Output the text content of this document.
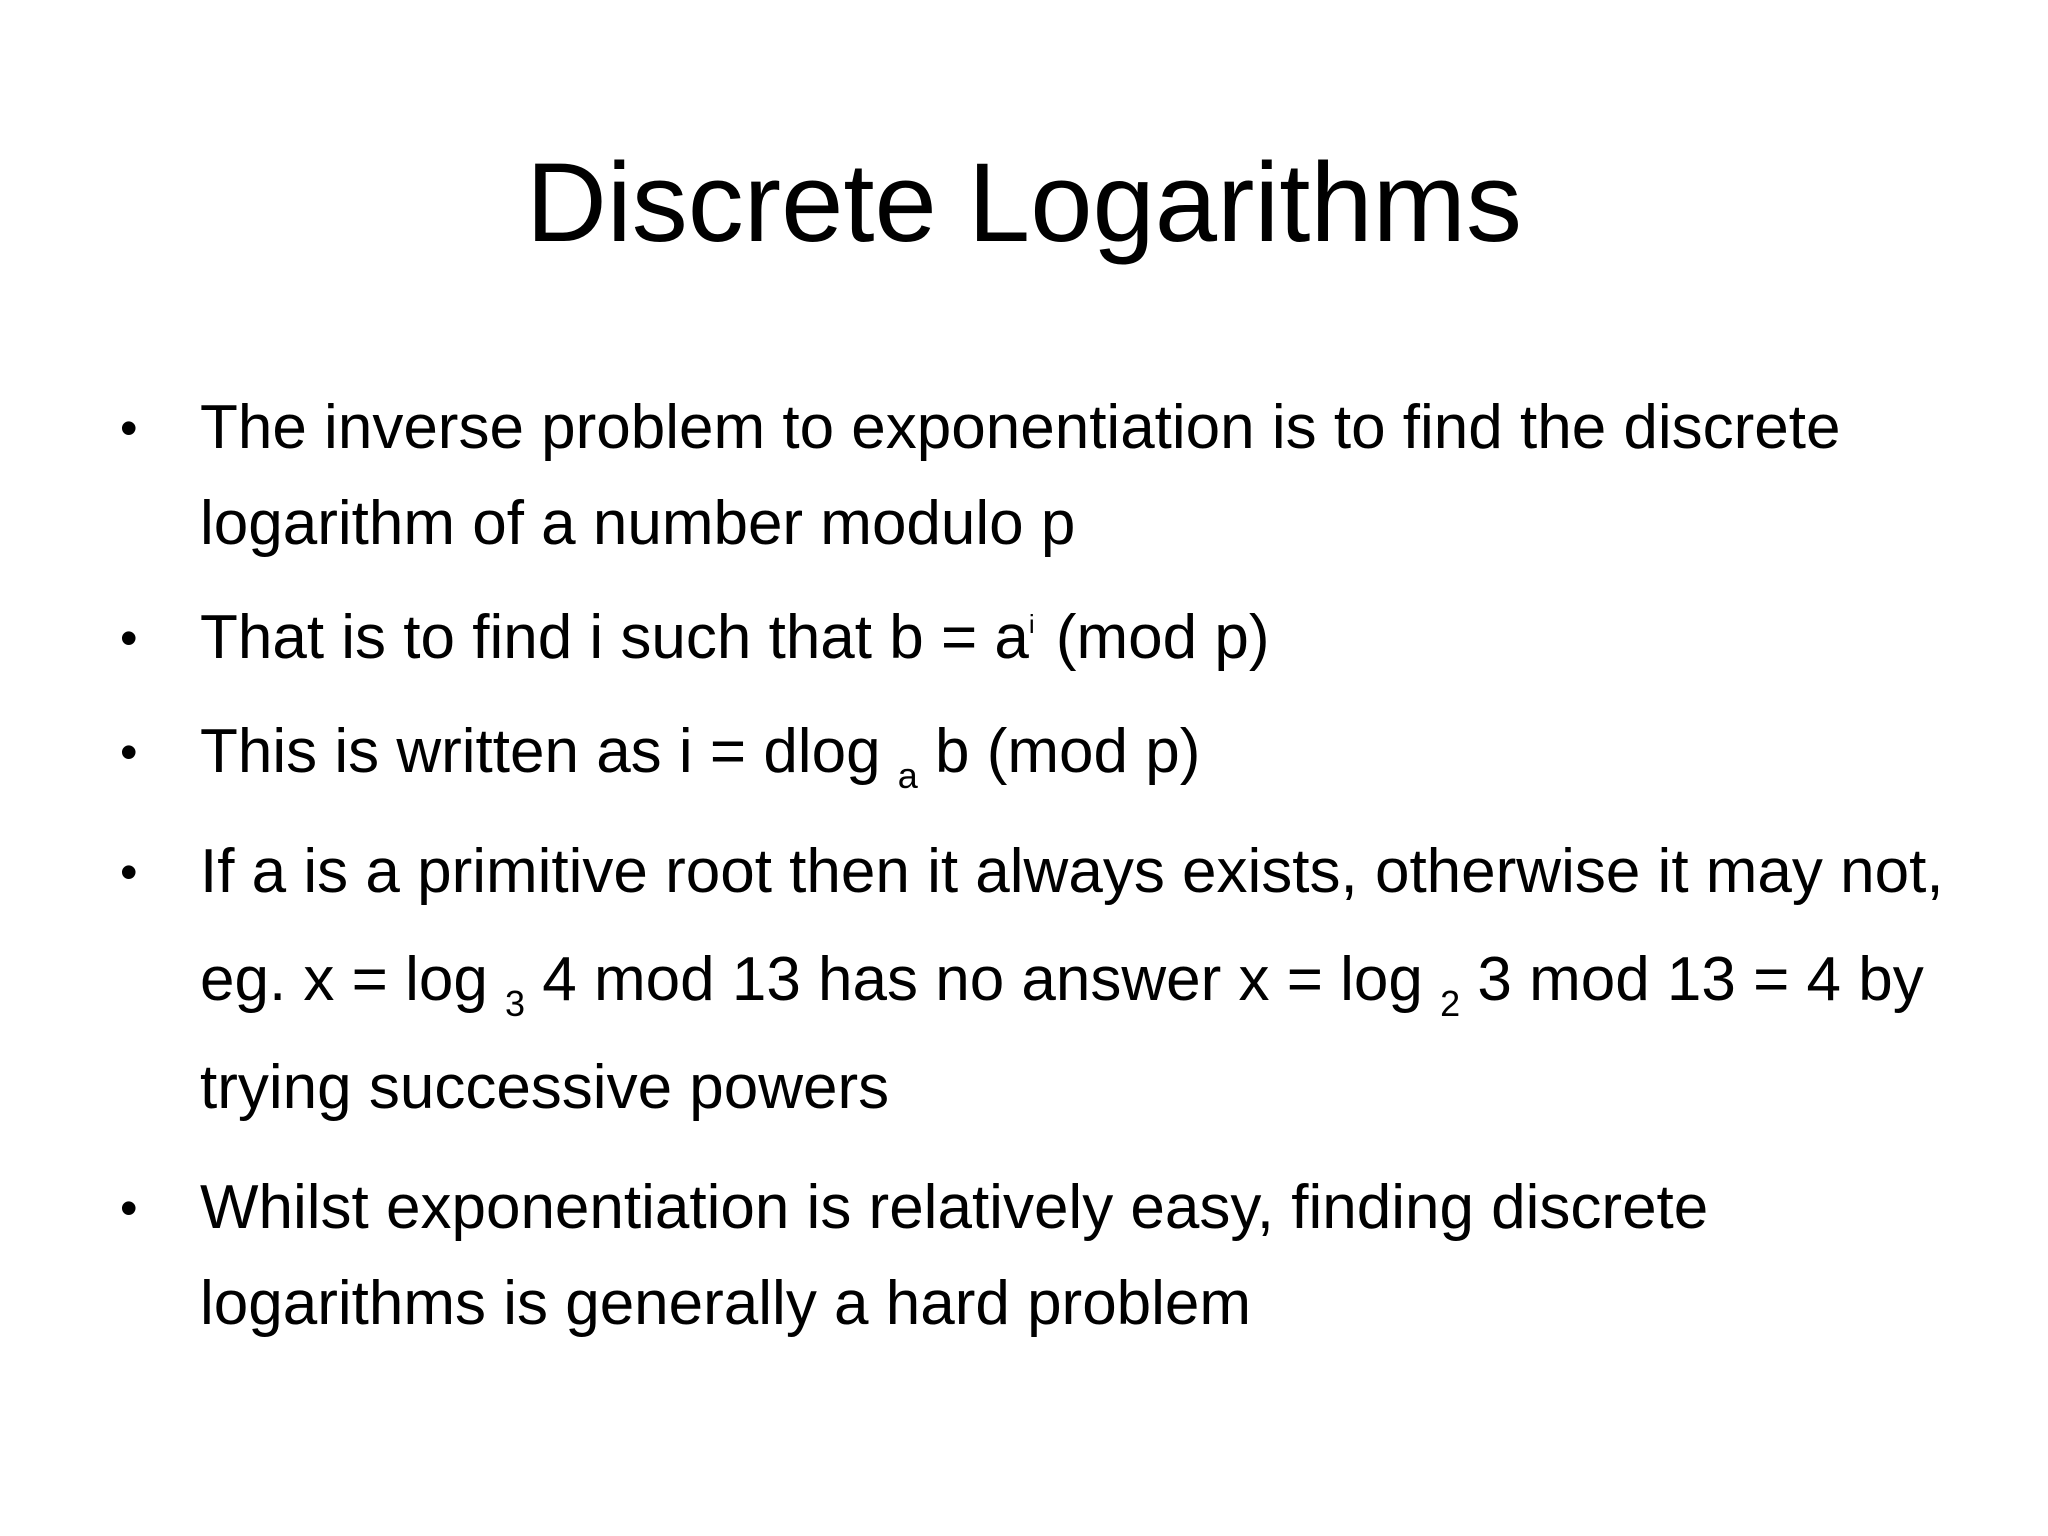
Discrete Logarithms
• The inverse problem to exponentiation is to find the discrete logarithm of a number modulo p
• That is to find i such that $b = a^i$ (mod p)
• This is written as i = dlog $_a$ b (mod p)
• If a is a primitive root then it always exists, otherwise it may not, eg. x = log $_3$ 4 mod 13 has no answer x = log $_2$ 3 mod 13 = 4 by trying successive powers
• Whilst exponentiation is relatively easy, finding discrete logarithms is generally a hard problem
